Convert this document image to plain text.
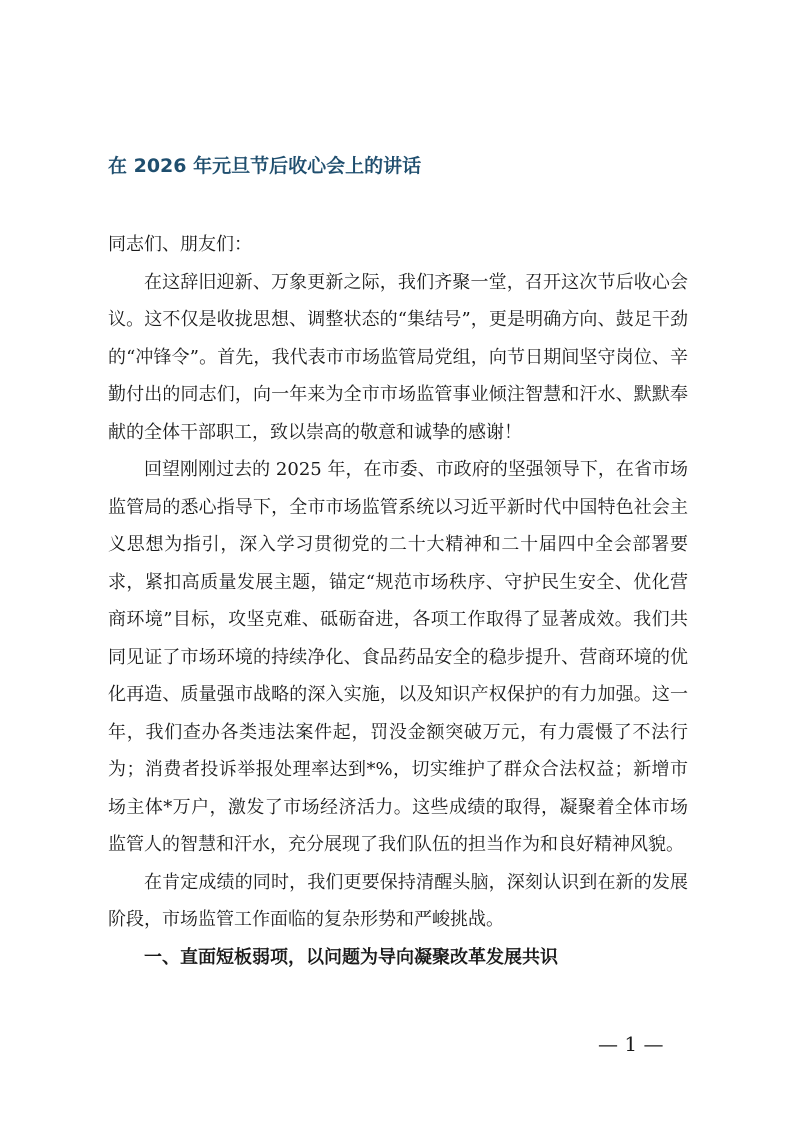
在 2026 年元旦节后收心会上的讲话

同志们、朋友们：

在这辞旧迎新、万象更新之际，我们齐聚一堂，召开这次节后收心会议。这不仅是收拢思想、调整状态的“集结号”，更是明确方向、鼓足干劲的“冲锋令”。首先，我代表市市场监管局党组，向节日期间坚守岗位、辛勤付出的同志们，向一年来为全市市场监管事业倾注智慧和汗水、默默奉献的全体干部职工，致以崇高的敬意和诚挚的感谢！

回望刚刚过去的 2025 年，在市委、市政府的坚强领导下，在省市场监管局的悉心指导下，全市市场监管系统以习近平新时代中国特色社会主义思想为指引，深入学习贯彻党的二十大精神和二十届四中全会部署要求，紧扣高质量发展主题，锚定“规范市场秩序、守护民生安全、优化营商环境”目标，攻坚克难、砥砺奋进，各项工作取得了显著成效。我们共同见证了市场环境的持续净化、食品药品安全的稳步提升、营商环境的优化再造、质量强市战略的深入实施，以及知识产权保护的有力加强。这一年，我们查办各类违法案件起，罚没金额突破万元，有力震慑了不法行为；消费者投诉举报处理率达到*%，切实维护了群众合法权益；新增市场主体*万户，激发了市场经济活力。这些成绩的取得，凝聚着全体市场监管人的智慧和汗水，充分展现了我们队伍的担当作为和良好精神风貌。

在肯定成绩的同时，我们更要保持清醒头脑，深刻认识到在新的发展阶段，市场监管工作面临的复杂形势和严峻挑战。

一、直面短板弱项，以问题为导向凝聚改革发展共识

— 1 —
